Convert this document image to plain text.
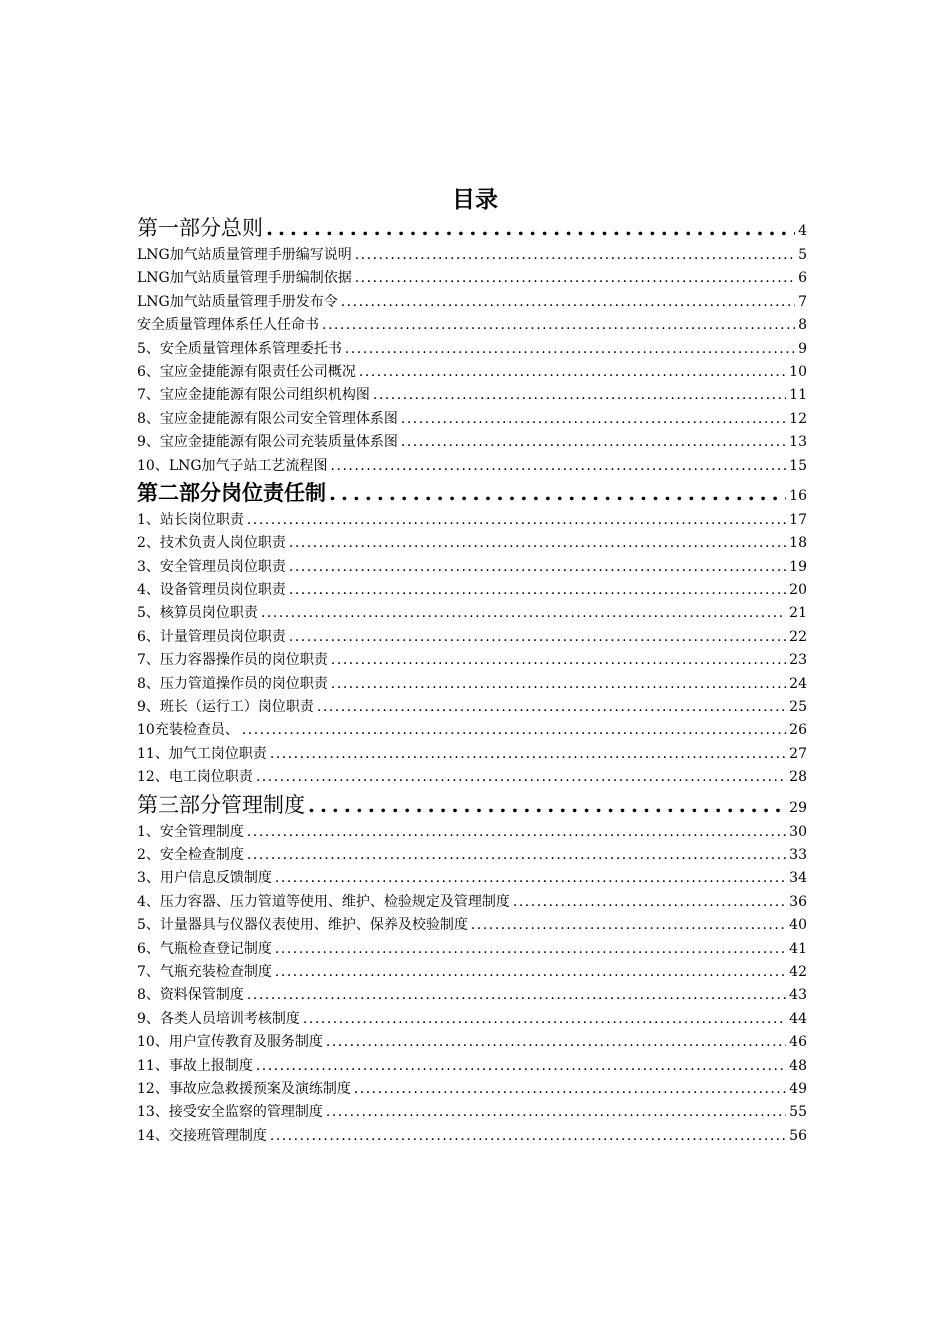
目录
第一部分总则 .....	4
LNG加气站质量管理手册编写说明 .....	5
LNG加气站质量管理手册编制依据 .....	6
LNG加气站质量管理手册发布令 .....	7
安全质量管理体系任人任命书 .....	8
5、安全质量管理体系管理委托书 .....	9
6、宝应金捷能源有限责任公司概况 .....	10
7、宝应金捷能源有限公司组织机构图 .....	11
8、宝应金捷能源有限公司安全管理体系图 .....	12
9、宝应金捷能源有限公司充装质量体系图 .....	13
10、LNG加气子站工艺流程图 .....	15
第二部分岗位责任制 .....	16
1、站长岗位职责 .....	17
2、技术负责人岗位职责 .....	18
3、安全管理员岗位职责 .....	19
4、设备管理员岗位职责 .....	20
5、核算员岗位职责 .....	21
6、计量管理员岗位职责 .....	22
7、压力容器操作员的岗位职责 .....	23
8、压力管道操作员的岗位职责 .....	24
9、班长（运行工）岗位职责 .....	25
10充装检查员、 .....	26
11、加气工岗位职责 .....	27
12、电工岗位职责 .....	28
第三部分管理制度 .....	29
1、安全管理制度 .....	30
2、安全检查制度 .....	33
3、用户信息反馈制度 .....	34
4、压力容器、压力管道等使用、维护、检验规定及管理制度 .....	36
5、计量器具与仪器仪表使用、维护、保养及校验制度 .....	40
6、气瓶检查登记制度 .....	41
7、气瓶充装检查制度 .....	42
8、资料保管制度 .....	43
9、各类人员培训考核制度 .....	44
10、用户宣传教育及服务制度 .....	46
11、事故上报制度 .....	48
12、事故应急救援预案及演练制度 .....	49
13、接受安全监察的管理制度 .....	55
14、交接班管理制度 .....	56
